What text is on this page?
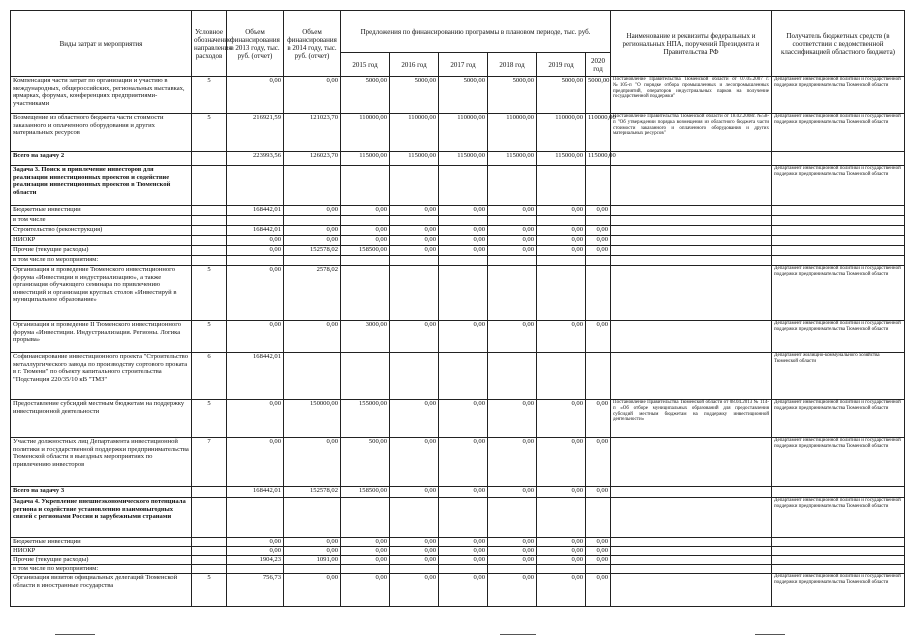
Виды затрат и мероприятия	Условное обозначение направления расходов	Объем финансирования в 2013 году, тыс. руб. (отчет)	Объем финансирования в 2014 году, тыс. руб. (отчет)	Предложения по финансированию программы в плановом периоде, тыс. руб.						Наименование и реквизиты федеральных и региональных НПА, поручений Президента и Правительства РФ	Получатель бюджетных средств (в соответствии с ведомственной классификацией областного бюджета)
				2015 год	2016 год	2017 год	2018 год	2019 год	2020 год		
Компенсация части затрат по организации и участию в международных, общероссийских, региональных выставках, ярмарках, форумах, конференциях предприятиями-участниками	5	0,00	0,00	5000,00	5000,00	5000,00	5000,00	5000,00	5000,00	Постановление Правительства Тюменской области от 07.05.2007 г. №105-п "О порядке отбора промышленных и лесопромышленных предприятий, операторов индустриальных парков на получение государственной поддержки"	Департамент инвестиционной политики и государственной поддержки предпринимательства Тюменской области
Возмещение из областного бюджета части стоимости заказанного и оплаченного оборудования и других материальных ресурсов	5	216921,59	121023,70	110000,00	110000,00	110000,00	110000,00	110000,00	110000,00	Постановление Правительства Тюменской области от 18.02.2008г. №58-п "Об утверждении порядка возмещения из областного бюджета части стоимости заказанного и оплаченного оборудования и других материальных ресурсов"	Департамент инвестиционной политики и государственной поддержки предпринимательства Тюменской области
Всего на задачу 2		223993,56	126023,70	115000,00	115000,00	115000,00	115000,00	115000,00	115000,00		
Задача 3. Поиск и привлечение инвесторов для реализации инвестиционных проектов и содействие реализации инвестиционных проектов в Тюменской области											Департамент инвестиционной политики и государственной поддержки предпринимательства Тюменской области
Бюджетные инвестиции		168442,01	0,00	0,00	0,00	0,00	0,00	0,00	0,00		
в том числе											
Строительство (реконструкция)		168442,01	0,00	0,00	0,00	0,00	0,00	0,00	0,00		
НИОКР		0,00	0,00	0,00	0,00	0,00	0,00	0,00	0,00		
Прочие (текущие расходы)		0,00	152578,02	158500,00	0,00	0,00	0,00	0,00	0,00		
в том числе по мероприятиям:											
Организация и проведение Тюменского инвестиционного форума «Инвестиции в индустриализацию», а также организация обучающего семинара по привлечению инвестиций и организация круглых столов «Инвестируй в муниципальное образование»	5	0,00	2578,02								Департамент инвестиционной политики и государственной поддержки предпринимательства Тюменской области
Организация и проведение II Тюменского инвестиционного форума «Инвестиции. Индустриализация. Регионы. Логика прорыва»	5	0,00	0,00	3000,00	0,00	0,00	0,00	0,00	0,00		Департамент инвестиционной политики и государственной поддержки предпринимательства Тюменской области
Софинансирование инвестиционного проекта "Строительство металлургического завода по производству сортового проката в г. Тюмени" по объекту капитального строительства "Подстанция 220/35/10 кВ "ТМЗ"	6	168442,01									Департамент жилищно-коммунального хозяйства Тюменской области
Предоставление субсидий местным бюджетам на поддержку инвестиционной деятельности	5	0,00	150000,00	155000,00	0,00	0,00	0,00	0,00	0,00	Постановление Правительства Тюменской области от 08.04.2013 № 114-п «Об отборе муниципальных образований для предоставления субсидий местным бюджетам на поддержку инвестиционной деятельности»	Департамент инвестиционной политики и государственной поддержки предпринимательства Тюменской области
Участие должностных лиц Департамента инвестиционной политики и государственной поддержки предпринимательства Тюменской области в выездных мероприятиях по привлечению инвесторов	7	0,00	0,00	500,00	0,00	0,00	0,00	0,00	0,00		Департамент инвестиционной политики и государственной поддержки предпринимательства Тюменской области
Всего на задачу 3		168442,01	152578,02	158500,00	0,00	0,00	0,00	0,00	0,00		
Задача 4. Укрепление внешнеэкономического потенциала региона и содействие установлению взаимовыгодных связей с регионами России и зарубежными странами											Департамент инвестиционной политики и государственной поддержки предпринимательства Тюменской области
Бюджетные инвестиции		0,00	0,00	0,00	0,00	0,00	0,00	0,00	0,00		
НИОКР		0,00	0,00	0,00	0,00	0,00	0,00	0,00	0,00		
Прочие (текущие расходы)		1904,23	1091,00	0,00	0,00	0,00	0,00	0,00	0,00		
в том числе по мероприятиям:											
Организация визитов официальных делегаций Тюменской области в иностранные государства	5	756,73	0,00	0,00	0,00	0,00	0,00	0,00	0,00		Департамент инвестиционной политики и государственной поддержки предпринимательства Тюменской области
